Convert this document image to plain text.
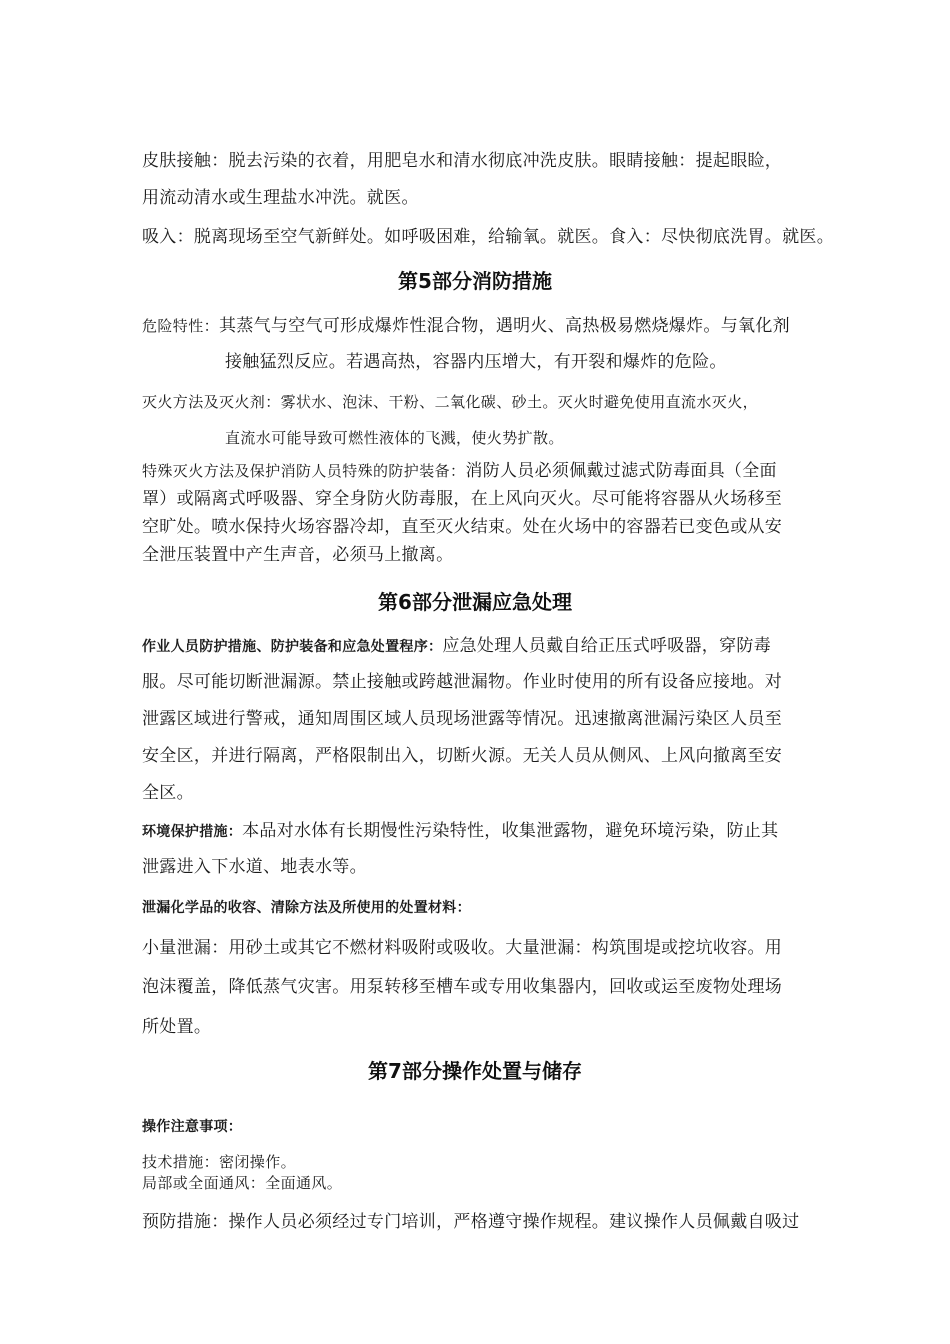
皮肤接触：脱去污染的衣着，用肥皂水和清水彻底冲洗皮肤。眼睛接触：提起眼睑，
用流动清水或生理盐水冲洗。就医。
吸入：脱离现场至空气新鲜处。如呼吸困难，给输氧。就医。食入：尽快彻底洗胃。就医。
第5部分消防措施
危险特性：其蒸气与空气可形成爆炸性混合物，遇明火、高热极易燃烧爆炸。与氧化剂
接触猛烈反应。若遇高热，容器内压增大，有开裂和爆炸的危险。
灭火方法及灭火剂：雾状水、泡沫、干粉、二氧化碳、砂土。灭火时避免使用直流水灭火，
直流水可能导致可燃性液体的飞溅，使火势扩散。
特殊灭火方法及保护消防人员特殊的防护装备：消防人员必须佩戴过滤式防毒面具（全面
罩）或隔离式呼吸器、穿全身防火防毒服，在上风向灭火。尽可能将容器从火场移至
空旷处。喷水保持火场容器冷却，直至灭火结束。处在火场中的容器若已变色或从安
全泄压装置中产生声音，必须马上撤离。
第6部分泄漏应急处理
作业人员防护措施、防护装备和应急处置程序：应急处理人员戴自给正压式呼吸器，穿防毒
服。尽可能切断泄漏源。禁止接触或跨越泄漏物。作业时使用的所有设备应接地。对
泄露区域进行警戒，通知周围区域人员现场泄露等情况。迅速撤离泄漏污染区人员至
安全区，并进行隔离，严格限制出入，切断火源。无关人员从侧风、上风向撤离至安
全区。
环境保护措施：本品对水体有长期慢性污染特性，收集泄露物，避免环境污染，防止其
泄露进入下水道、地表水等。
泄漏化学品的收容、清除方法及所使用的处置材料：
小量泄漏：用砂土或其它不燃材料吸附或吸收。大量泄漏：构筑围堤或挖坑收容。用
泡沫覆盖，降低蒸气灾害。用泵转移至槽车或专用收集器内，回收或运至废物处理场
所处置。
第7部分操作处置与储存
操作注意事项：
技术措施：密闭操作。
局部或全面通风：全面通风。
预防措施：操作人员必须经过专门培训，严格遵守操作规程。建议操作人员佩戴自吸过
